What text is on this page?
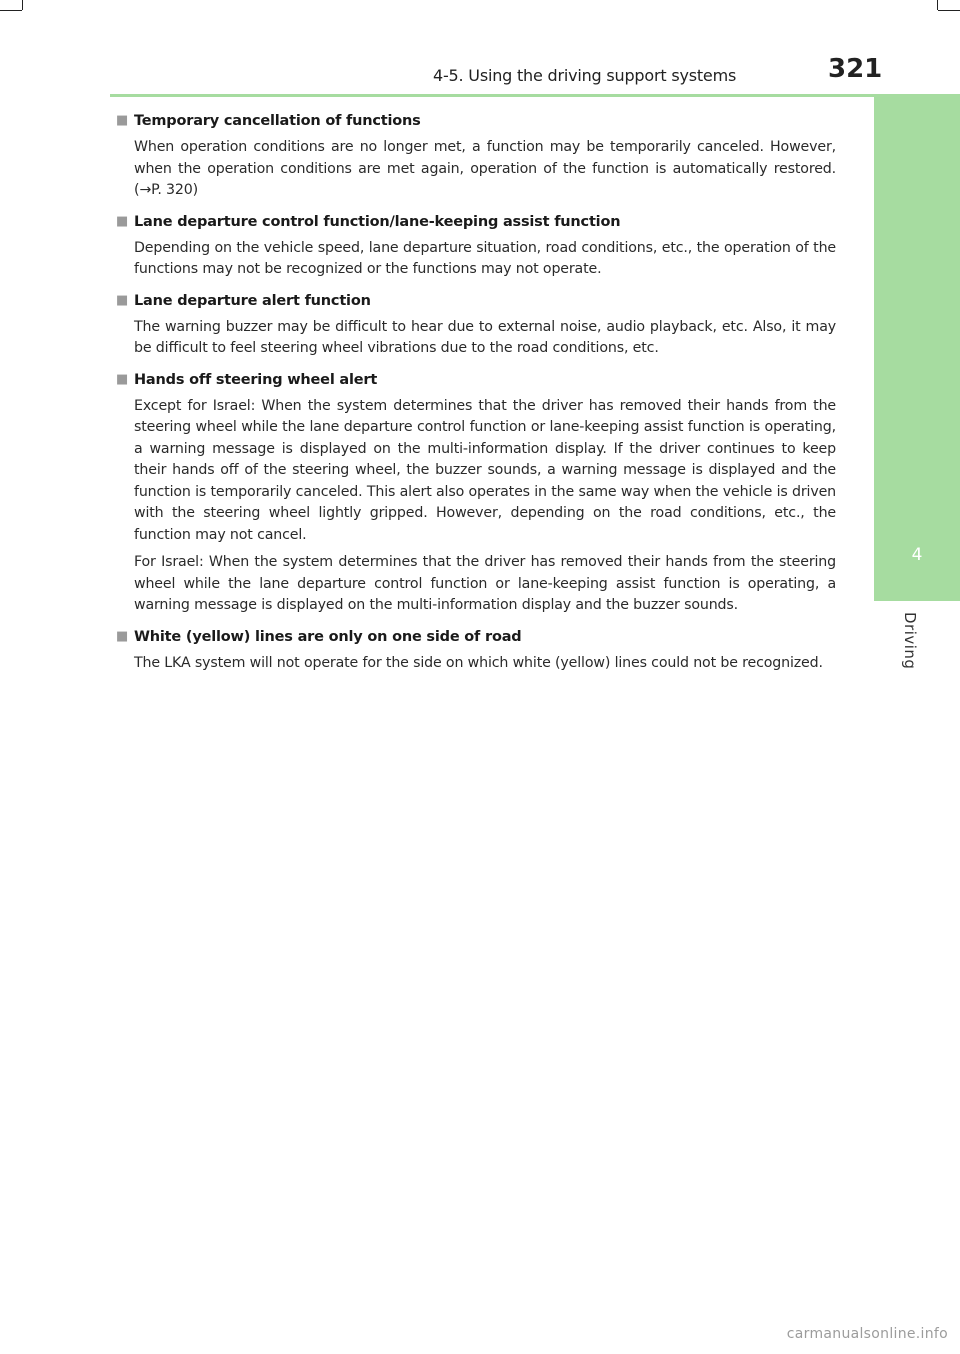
4-5. Using the driving support systems	321
4
Driving
■ Temporary cancellation of functions
When operation conditions are no longer met, a function may be temporarily canceled. However, when the operation conditions are met again, operation of the function is automatically restored. (→P. 320)
■ Lane departure control function/lane-keeping assist function
Depending on the vehicle speed, lane departure situation, road conditions, etc., the operation of the functions may not be recognized or the functions may not operate.
■ Lane departure alert function
The warning buzzer may be difficult to hear due to external noise, audio playback, etc. Also, it may be difficult to feel steering wheel vibrations due to the road conditions, etc.
■ Hands off steering wheel alert
Except for Israel: When the system determines that the driver has removed their hands from the steering wheel while the lane departure control function or lane-keeping assist function is operating, a warning message is displayed on the multi-information display. If the driver continues to keep their hands off of the steering wheel, the buzzer sounds, a warning message is displayed and the function is temporarily canceled. This alert also operates in the same way when the vehicle is driven with the steering wheel lightly gripped. However, depending on the road conditions, etc., the function may not cancel.
For Israel: When the system determines that the driver has removed their hands from the steering wheel while the lane departure control function or lane-keeping assist function is operating, a warning message is displayed on the multi-information display and the buzzer sounds.
■ White (yellow) lines are only on one side of road
The LKA system will not operate for the side on which white (yellow) lines could not be recognized.
carmanualsonline.info
